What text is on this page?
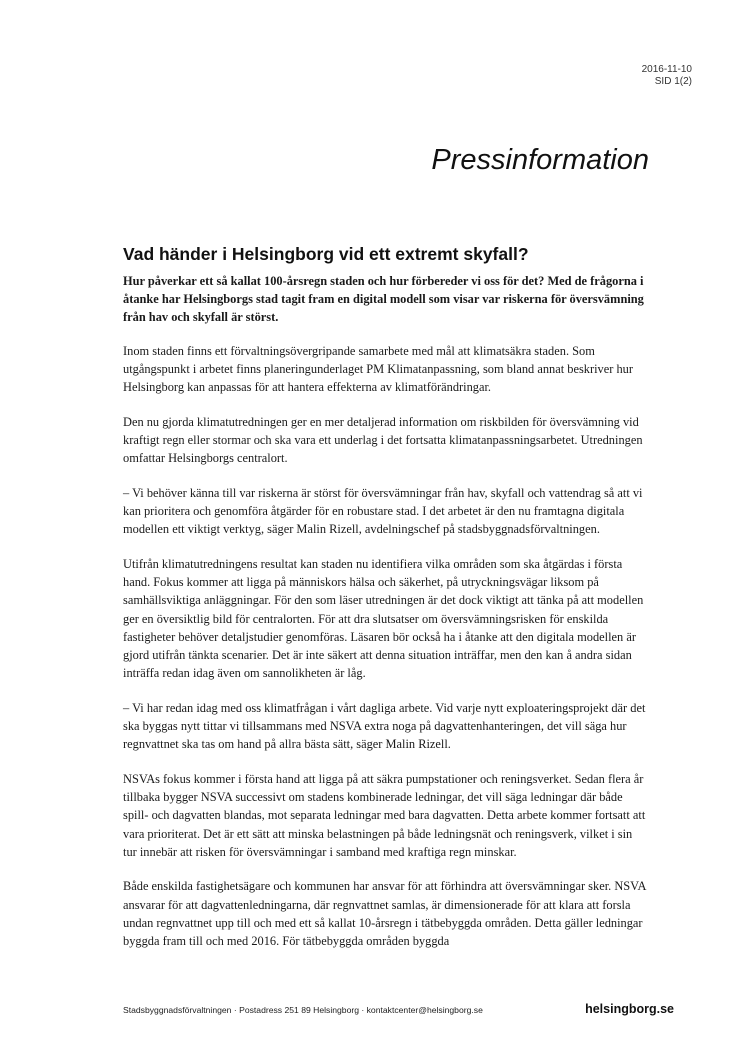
2016-11-10
SID 1(2)
Pressinformation
Vad händer i Helsingborg vid ett extremt skyfall?

Hur påverkar ett så kallat 100-årsregn staden och hur förbereder vi oss för det? Med de frågorna i åtanke har Helsingborgs stad tagit fram en digital modell som visar var riskerna för översvämning från hav och skyfall är störst.

Inom staden finns ett förvaltningsövergripande samarbete med mål att klimatsäkra staden. Som utgångspunkt i arbetet finns planeringunderlaget PM Klimatanpassning, som bland annat beskriver hur Helsingborg kan anpassas för att hantera effekterna av klimatförändringar.

Den nu gjorda klimatutredningen ger en mer detaljerad information om riskbilden för översvämning vid kraftigt regn eller stormar och ska vara ett underlag i det fortsatta klimatanpassningsarbetet. Utredningen omfattar Helsingborgs centralort.

– Vi behöver känna till var riskerna är störst för översvämningar från hav, skyfall och vattendrag så att vi kan prioritera och genomföra åtgärder för en robustare stad. I det arbetet är den nu framtagna digitala modellen ett viktigt verktyg, säger Malin Rizell, avdelningschef på stadsbyggnadsförvaltningen.

Utifrån klimatutredningens resultat kan staden nu identifiera vilka områden som ska åtgärdas i första hand. Fokus kommer att ligga på människors hälsa och säkerhet, på utryckningsvägar liksom på samhällsviktiga anläggningar. För den som läser utredningen är det dock viktigt att tänka på att modellen ger en översiktlig bild för centralorten. För att dra slutsatser om översvämningsrisken för enskilda fastigheter behöver detaljstudier genomföras. Läsaren bör också ha i åtanke att den digitala modellen är gjord utifrån tänkta scenarier. Det är inte säkert att denna situation inträffar, men den kan å andra sidan inträffa redan idag även om sannolikheten är låg.

– Vi har redan idag med oss klimatfrågan i vårt dagliga arbete. Vid varje nytt exploateringsprojekt där det ska byggas nytt tittar vi tillsammans med NSVA extra noga på dagvattenhanteringen, det vill säga hur regnvattnet ska tas om hand på allra bästa sätt, säger Malin Rizell.

NSVAs fokus kommer i första hand att ligga på att säkra pumpstationer och reningsverket. Sedan flera år tillbaka bygger NSVA successivt om stadens kombinerade ledningar, det vill säga ledningar där både spill- och dagvatten blandas, mot separata ledningar med bara dagvatten. Detta arbete kommer fortsatt att vara prioriterat. Det är ett sätt att minska belastningen på både ledningsnät och reningsverk, vilket i sin tur innebär att risken för översvämningar i samband med kraftiga regn minskar.

Både enskilda fastighetsägare och kommunen har ansvar för att förhindra att översvämningar sker. NSVA ansvarar för att dagvattenledningarna, där regnvattnet samlas, är dimensionerade för att klara att forsla undan regnvattnet upp till och med ett så kallat 10-årsregn i tätbebyggda områden. Detta gäller ledningar byggda fram till och med 2016. För tätbebyggda områden byggda

Stadsbyggnadsförvaltningen · Postadress 251 89 Helsingborg · kontaktcenter@helsingborg.se	helsingborg.se
